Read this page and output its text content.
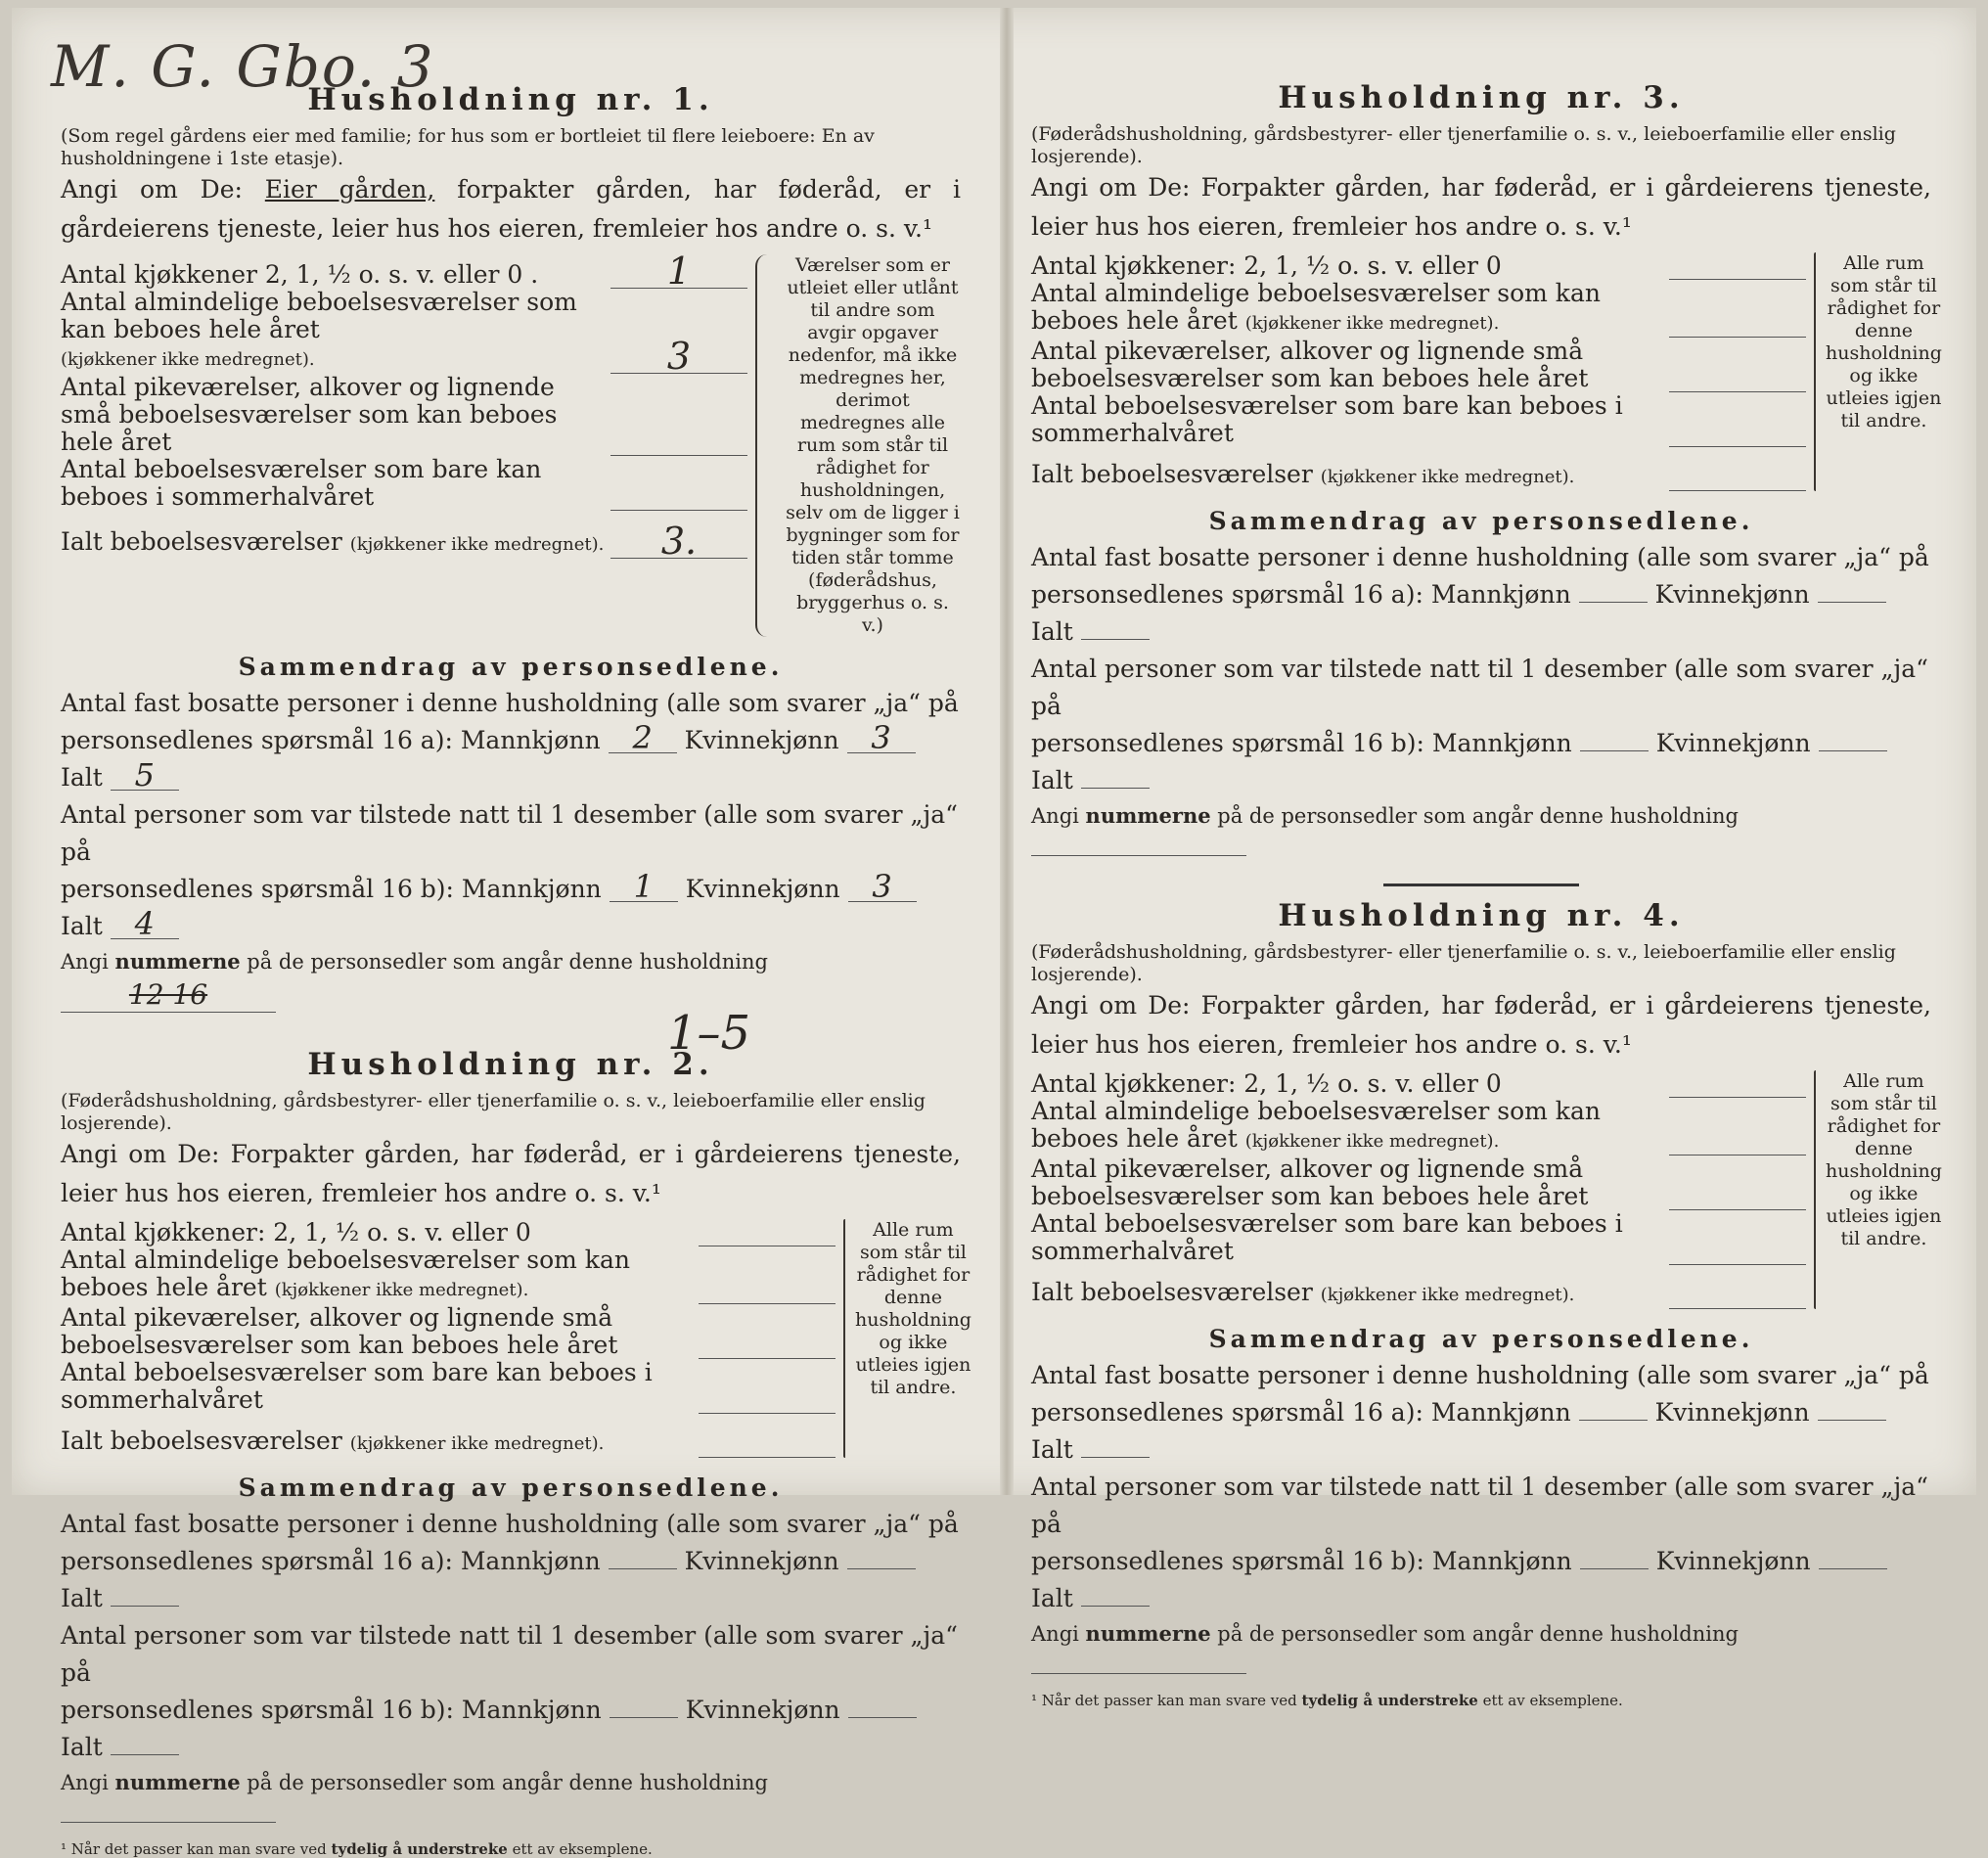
M. G. Gbo. 3
Husholdning nr. 1.
(Som regel gårdens eier med familie; for hus som er bortleiet til flere leieboere: En av husholdningene i 1ste etasje).
Angi om De: Eier gården, forpakter gården, har føderåd, er i gårdeierens tjeneste, leier hus hos eieren, fremleier hos andre o. s. v.¹
Antal kjøkkener 2, 1, ½ o. s. v. eller 0 .	1
Antal almindelige beboelsesværelser som kan beboes hele året
(kjøkkener ikke medregnet).	3
Antal pikeværelser, alkover og lignende små beboelsesværelser som kan beboes hele året
Antal beboelsesværelser som bare kan beboes i sommerhalvåret
Ialt beboelsesværelser (kjøkkener ikke medregnet).	3.
Værelser som er utleiet eller utlånt til andre som avgir opgaver nedenfor, må ikke medregnes her, derimot medregnes alle rum som står til rådighet for husholdningen, selv om de ligger i bygninger som for tiden står tomme (føderådshus, bryggerhus o. s. v.)
Sammendrag av personsedlene.
Antal fast bosatte personer i denne husholdning (alle som svarer „ja“ på
personsedlenes spørsmål 16 a): Mannkjønn 2 Kvinnekjønn 3 Ialt 5
Antal personer som var tilstede natt til 1 desember (alle som svarer „ja“ på
personsedlenes spørsmål 16 b): Mannkjønn 1 Kvinnekjønn 3 Ialt 4
Angi nummerne på de personsedler som angår denne husholdning 12 16
1–5
Husholdning nr. 2.
(Føderådshusholdning, gårdsbestyrer- eller tjenerfamilie o. s. v., leieboerfamilie eller enslig losjerende).
Angi om De: Forpakter gården, har føderåd, er i gårdeierens tjeneste, leier hus hos eieren, fremleier hos andre o. s. v.¹
Antal kjøkkener: 2, 1, ½ o. s. v. eller 0
Antal almindelige beboelsesværelser som kan beboes hele året (kjøkkener ikke medregnet).
Antal pikeværelser, alkover og lignende små beboelsesværelser som kan beboes hele året
Antal beboelsesværelser som bare kan beboes i sommerhalvåret
Ialt beboelsesværelser (kjøkkener ikke medregnet).
Alle rum som står til rådighet for denne husholdning og ikke utleies igjen til andre.
Sammendrag av personsedlene.
Antal fast bosatte personer i denne husholdning (alle som svarer „ja“ på
personsedlenes spørsmål 16 a): Mannkjønn	Kvinnekjønn  Ialt
Antal personer som var tilstede natt til 1 desember (alle som svarer „ja“ på
personsedlenes spørsmål 16 b): Mannkjønn	Kvinnekjønn  Ialt
Angi nummerne på de personsedler som angår denne husholdning
¹ Når det passer kan man svare ved tydelig å understreke ett av eksemplene.
Husholdning nr. 3.
(Føderådshusholdning, gårdsbestyrer- eller tjenerfamilie o. s. v., leieboerfamilie eller enslig losjerende).
Angi om De: Forpakter gården, har føderåd, er i gårdeierens tjeneste, leier hus hos eieren, fremleier hos andre o. s. v.¹
Antal kjøkkener: 2, 1, ½ o. s. v. eller 0
Antal almindelige beboelsesværelser som kan beboes hele året (kjøkkener ikke medregnet).
Antal pikeværelser, alkover og lignende små beboelsesværelser som kan beboes hele året
Antal beboelsesværelser som bare kan beboes i sommerhalvåret
Ialt beboelsesværelser (kjøkkener ikke medregnet).
Alle rum som står til rådighet for denne husholdning og ikke utleies igjen til andre.
Sammendrag av personsedlene.
Antal fast bosatte personer i denne husholdning (alle som svarer „ja“ på
personsedlenes spørsmål 16 a): Mannkjønn	Kvinnekjønn  Ialt
Antal personer som var tilstede natt til 1 desember (alle som svarer „ja“ på
personsedlenes spørsmål 16 b): Mannkjønn	Kvinnekjønn  Ialt
Angi nummerne på de personsedler som angår denne husholdning
Husholdning nr. 4.
(Føderådshusholdning, gårdsbestyrer- eller tjenerfamilie o. s. v., leieboerfamilie eller enslig losjerende).
Angi om De: Forpakter gården, har føderåd, er i gårdeierens tjeneste, leier hus hos eieren, fremleier hos andre o. s. v.¹
Antal kjøkkener: 2, 1, ½ o. s. v. eller 0
Antal almindelige beboelsesværelser som kan beboes hele året (kjøkkener ikke medregnet).
Antal pikeværelser, alkover og lignende små beboelsesværelser som kan beboes hele året
Antal beboelsesværelser som bare kan beboes i sommerhalvåret
Ialt beboelsesværelser (kjøkkener ikke medregnet).
Alle rum som står til rådighet for denne husholdning og ikke utleies igjen til andre.
Sammendrag av personsedlene.
Antal fast bosatte personer i denne husholdning (alle som svarer „ja“ på
personsedlenes spørsmål 16 a): Mannkjønn	Kvinnekjønn  Ialt
Antal personer som var tilstede natt til 1 desember (alle som svarer „ja“ på
personsedlenes spørsmål 16 b): Mannkjønn	Kvinnekjønn  Ialt
Angi nummerne på de personsedler som angår denne husholdning
¹ Når det passer kan man svare ved tydelig å understreke ett av eksemplene.
